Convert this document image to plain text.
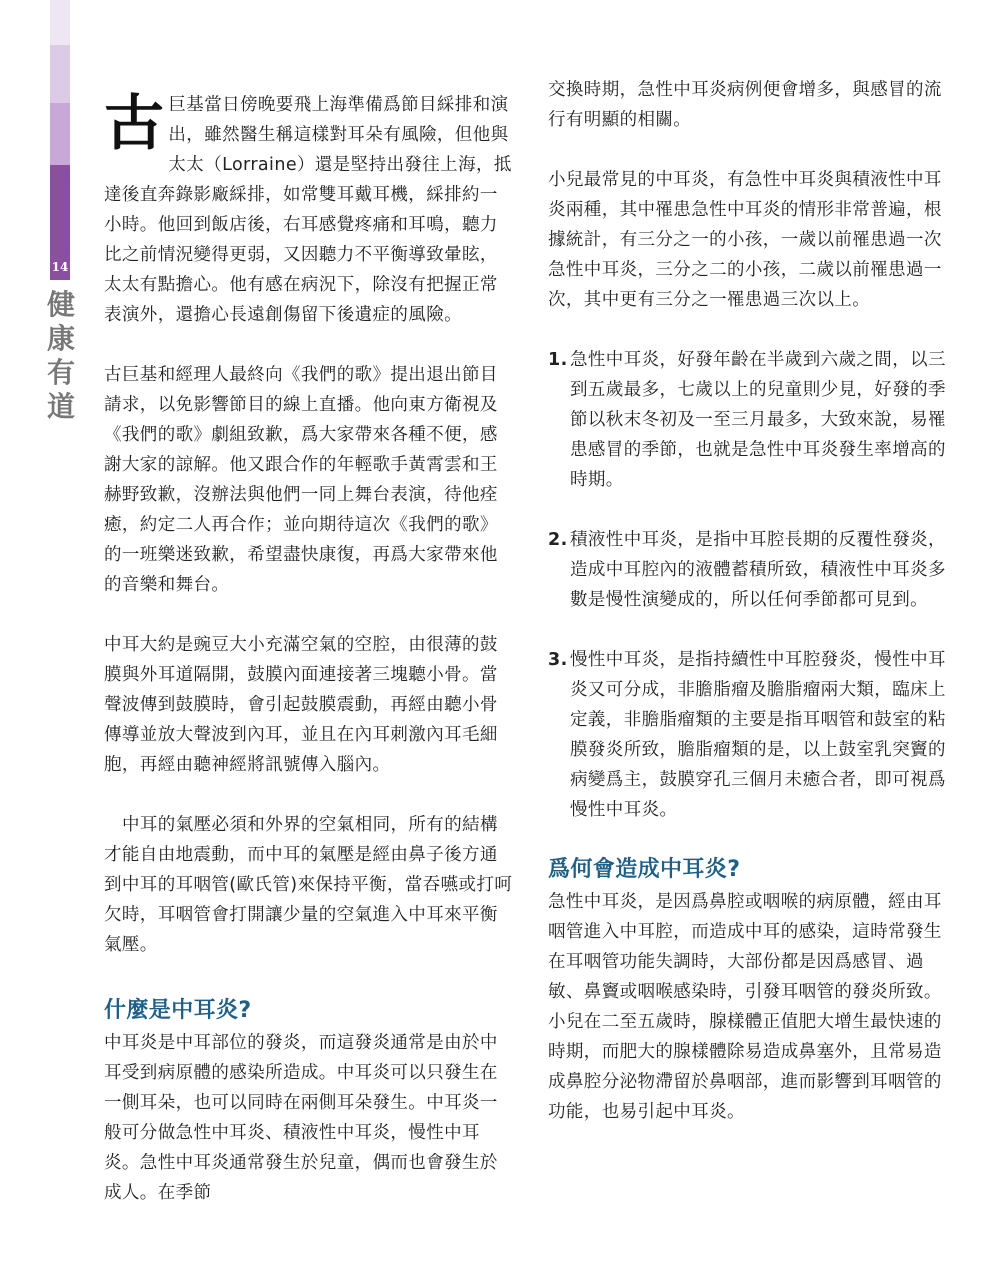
14
健康有道

古巨基當日傍晚要飛上海準備爲節目綵排和演出，雖然醫生稱這樣對耳朵有風險，但他與太太（Lorraine）還是堅持出發往上海，抵達後直奔錄影廠綵排，如常雙耳戴耳機，綵排約一小時。他回到飯店後，右耳感覺疼痛和耳鳴，聽力比之前情況變得更弱，又因聽力不平衡導致暈眩，太太有點擔心。他有感在病況下，除沒有把握正常表演外，還擔心長遠創傷留下後遺症的風險。

古巨基和經理人最終向《我們的歌》提出退出節目請求，以免影響節目的線上直播。他向東方衛視及《我們的歌》劇組致歉，爲大家帶來各種不便，感謝大家的諒解。他又跟合作的年輕歌手黃霄雲和王赫野致歉，沒辦法與他們一同上舞台表演，待他痊癒，約定二人再合作；並向期待這次《我們的歌》的一班樂迷致歉，希望盡快康復，再爲大家帶來他的音樂和舞台。

中耳大約是豌豆大小充滿空氣的空腔，由很薄的鼓膜與外耳道隔開，鼓膜內面連接著三塊聽小骨。當聲波傳到鼓膜時，會引起鼓膜震動，再經由聽小骨傳導並放大聲波到內耳，並且在內耳刺激內耳毛細胞，再經由聽神經將訊號傳入腦內。

中耳的氣壓必須和外界的空氣相同，所有的結構才能自由地震動，而中耳的氣壓是經由鼻子後方通到中耳的耳咽管(歐氏管)來保持平衡，當吞嚥或打呵欠時，耳咽管會打開讓少量的空氣進入中耳來平衡氣壓。

什麼是中耳炎?

中耳炎是中耳部位的發炎，而這發炎通常是由於中耳受到病原體的感染所造成。中耳炎可以只發生在一側耳朵，也可以同時在兩側耳朵發生。中耳炎一般可分做急性中耳炎、積液性中耳炎，慢性中耳炎。急性中耳炎通常發生於兒童，偶而也會發生於成人。在季節

交換時期，急性中耳炎病例便會增多，與感冒的流行有明顯的相關。

小兒最常見的中耳炎，有急性中耳炎與積液性中耳炎兩種，其中罹患急性中耳炎的情形非常普遍，根據統計，有三分之一的小孩，一歲以前罹患過一次急性中耳炎，三分之二的小孩，二歲以前罹患過一次，其中更有三分之一罹患過三次以上。

1. 急性中耳炎，好發年齡在半歲到六歲之間，以三到五歲最多，七歲以上的兒童則少見，好發的季節以秋末冬初及一至三月最多，大致來說，易罹患感冒的季節，也就是急性中耳炎發生率增高的時期。

2. 積液性中耳炎，是指中耳腔長期的反覆性發炎，造成中耳腔內的液體蓄積所致，積液性中耳炎多數是慢性演變成的，所以任何季節都可見到。

3. 慢性中耳炎，是指持續性中耳腔發炎，慢性中耳炎又可分成，非膽脂瘤及膽脂瘤兩大類，臨床上定義，非膽脂瘤類的主要是指耳咽管和鼓室的粘膜發炎所致，膽脂瘤類的是，以上鼓室乳突竇的病變爲主，鼓膜穿孔三個月未癒合者，即可視爲慢性中耳炎。

爲何會造成中耳炎?

急性中耳炎，是因爲鼻腔或咽喉的病原體，經由耳咽管進入中耳腔，而造成中耳的感染，這時常發生在耳咽管功能失調時，大部份都是因爲感冒、過敏、鼻竇或咽喉感染時，引發耳咽管的發炎所致。小兒在二至五歲時，腺樣體正值肥大增生最快速的時期，而肥大的腺樣體除易造成鼻塞外，且常易造成鼻腔分泌物滯留於鼻咽部，進而影響到耳咽管的功能，也易引起中耳炎。
